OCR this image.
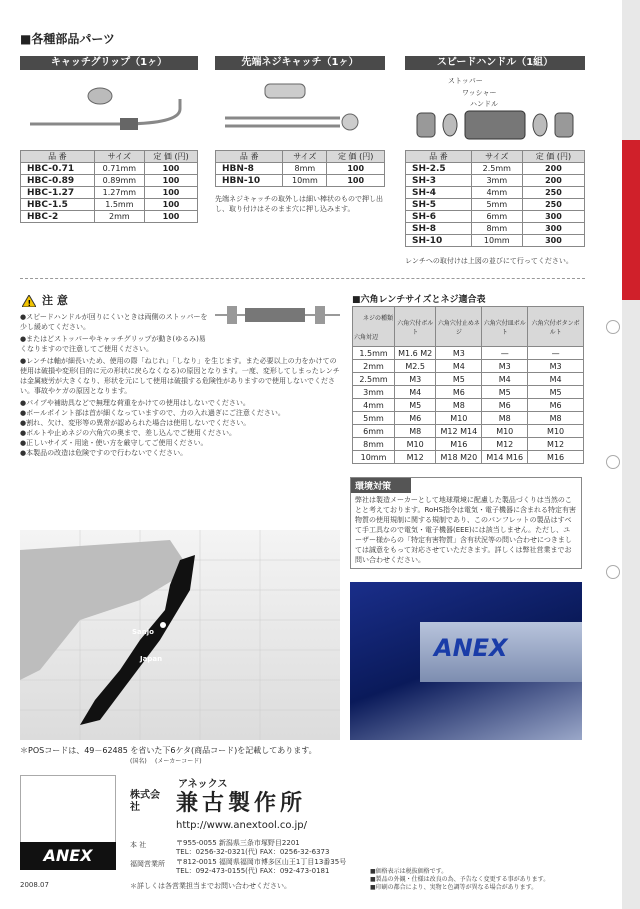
■各種部品パーツ
キャッチグリップ（1ヶ）
品 番	サイズ	定 価 (円)
HBC-0.71	0.71mm	100
HBC-0.89	0.89mm	100
HBC-1.27	1.27mm	100
HBC-1.5	1.5mm	100
HBC-2	2mm	100
先端ネジキャッチ（1ヶ）
品 番	サイズ	定 価 (円)
HBN-8	8mm	100
HBN-10	10mm	100
先端ネジキャッチの取外しは細い棒状のもので押し出し、取り付けはそのまま穴に押し込みます。
スピードハンドル（1組）
ストッパー
ワッシャー
ハンドル
品 番	サイズ	定 価 (円)
SH-2.5	2.5mm	200
SH-3	3mm	200
SH-4	4mm	250
SH-5	5mm	250
SH-6	6mm	300
SH-8	8mm	300
SH-10	10mm	300
レンチへの取付けは上図の並びにて行ってください。
! 注 意
●スピードハンドルが回りにくいときは両側のストッパーを少し緩めてください。
●またはどストッパーやキャッチグリップが動き(ゆるみ)易くなりますので注意してご使用ください。
●レンチは軸が細長いため、使用の際「ねじれ」「しなり」を生じます。また必要以上の力をかけての使用は破損や変形(目的に元の形状に戻らなくなる)の原因となります。一度、変形してしまったレンチは金属疲労が大きくなり、形状を元にして使用は破損する危険性がありますので使用しないでください。事故やケガの原因となります。
●パイプや補助具などで無理な荷重をかけての使用はしないでください。
●ボールポイント部は首が細くなっていますので、力の入れ過ぎにご注意ください。
●割れ、欠け、変形等の異常が認められた場合は使用しないでください。
●ボルトや止めネジの六角穴の奥まで、差し込んでご使用ください。
●正しいサイズ・用途・使い方を厳守してご使用ください。
●本製品の改造は危険ですので行わないでください。
■六角レンチサイズとネジ適合表
ネジの種類
六角対辺	六角穴付ボルト	六角穴付止めネジ	六角穴付皿ボルト	六角穴付ボタンボルト
1.5mm	M1.6 M2	M3	—	—
2mm	M2.5	M4	M3	M3
2.5mm	M3	M5	M4	M4
3mm	M4	M6	M5	M5
4mm	M5	M8	M6	M6
5mm	M6	M10	M8	M8
6mm	M8	M12 M14	M10	M10
8mm	M10	M16	M12	M12
10mm	M12	M18 M20	M14 M16	M16
環境対策
弊社は製造メーカーとして地球環境に配慮した製品づくりは当然のことと考えております。RoHS指令は電気・電子機器に含まれる特定有害物質の使用規制に関する規制であり、このパンフレットの製品はすべて手工具なので電気・電子機器(EEE)には該当しません。ただし、ユーザー様からの「特定有害物質」含有状況等の問い合わせにつきましては誠意をもって対応させていただきます。詳しくは弊社営業までお問い合わせください。
Sanjo
Japan	ANEX
＊POSコードは、49－62485 を省いた下6ケタ(商品コード)を記載してあります。
(国名) (メーカーコード)
ANEX
アネックス
株式会社	兼古製作所
http://www.anextool.co.jp/
本 社	〒955-0055 新潟県三条市塚野目2201
TEL：0256-32-0321(代) FAX：0256-32-6373
福岡営業所 〒812-0015 福岡県福岡市博多区山王1丁目13番35号
TEL：092-473-0155(代) FAX：092-473-0181
＊詳しくは各営業担当までお問い合わせください。
■価格表示は税抜価格です。
■製品の外観・仕様は改良の為、予告なく変更する事があります。
■印刷の都合により、実物と色調等が異なる場合があります。
2008.07
